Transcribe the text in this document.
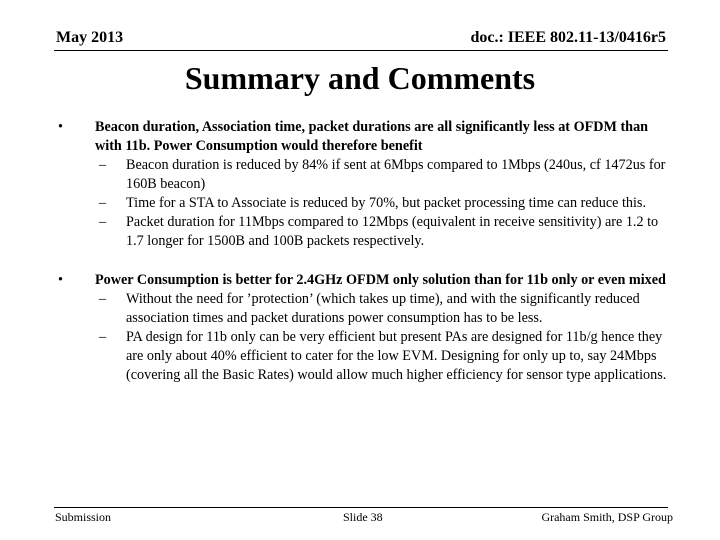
May 2013	doc.: IEEE 802.11-13/0416r5
Summary and Comments
• Beacon duration, Association time, packet durations are all significantly less at OFDM than with 11b. Power Consumption would therefore benefit
– Beacon duration is reduced by 84% if sent at 6Mbps compared to 1Mbps (240us, cf 1472us for 160B beacon)
– Time for a STA to Associate is reduced by 70%, but packet processing time can reduce this.
– Packet duration for 11Mbps compared to 12Mbps (equivalent in receive sensitivity) are 1.2 to 1.7 longer for 1500B and 100B packets respectively.
• Power Consumption is better for 2.4GHz OFDM only solution than for 11b only or even mixed
– Without the need for ’protection’ (which takes up time), and with the significantly reduced association times and packet durations power consumption has to be less.
– PA design for 11b only can be very efficient but present PAs are designed for 11b/g hence they are only about 40% efficient to cater for the low EVM. Designing for only up to, say 24Mbps (covering all the Basic Rates) would allow much higher efficiency for sensor type applications.
Submission	Slide 38	Graham Smith, DSP Group
